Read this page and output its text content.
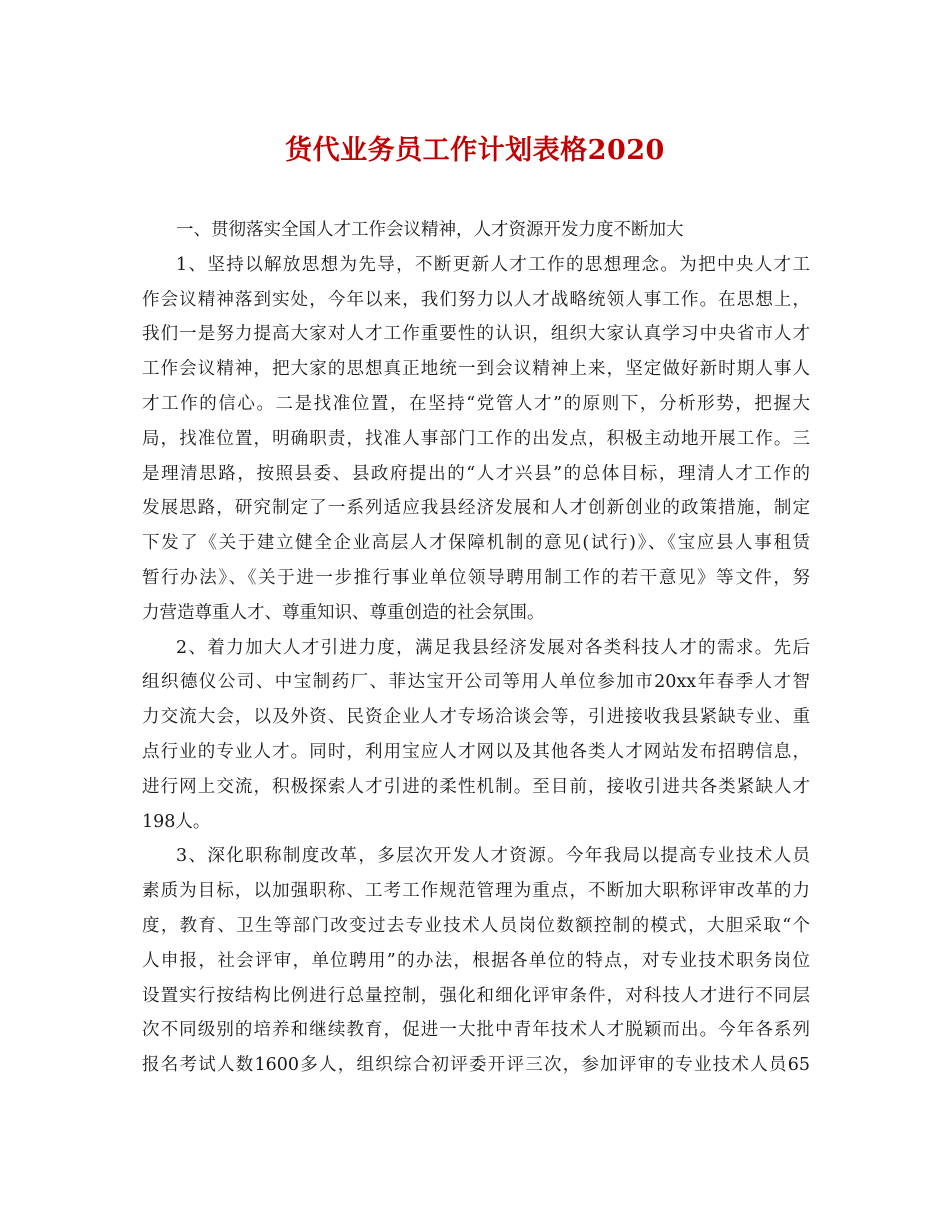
货代业务员工作计划表格2020
一、贯彻落实全国人才工作会议精神，人才资源开发力度不断加大
1、坚持以解放思想为先导，不断更新人才工作的思想理念。为把中央人才工
作会议精神落到实处，今年以来，我们努力以人才战略统领人事工作。在思想上，
我们一是努力提高大家对人才工作重要性的认识，组织大家认真学习中央省市人才
工作会议精神，把大家的思想真正地统一到会议精神上来，坚定做好新时期人事人
才工作的信心。二是找准位置，在坚持“党管人才”的原则下，分析形势，把握大
局，找准位置，明确职责，找准人事部门工作的出发点，积极主动地开展工作。三
是理清思路，按照县委、县政府提出的“人才兴县”的总体目标，理清人才工作的
发展思路，研究制定了一系列适应我县经济发展和人才创新创业的政策措施，制定
下发了《关于建立健全企业高层人才保障机制的意见(试行)》、《宝应县人事租赁
暂行办法》、《关于进一步推行事业单位领导聘用制工作的若干意见》等文件，努
力营造尊重人才、尊重知识、尊重创造的社会氛围。
2、着力加大人才引进力度，满足我县经济发展对各类科技人才的需求。先后
组织德仪公司、中宝制药厂、菲达宝开公司等用人单位参加市20xx年春季人才智
力交流大会，以及外资、民资企业人才专场洽谈会等，引进接收我县紧缺专业、重
点行业的专业人才。同时，利用宝应人才网以及其他各类人才网站发布招聘信息，
进行网上交流，积极探索人才引进的柔性机制。至目前，接收引进共各类紧缺人才
198人。
3、深化职称制度改革，多层次开发人才资源。今年我局以提高专业技术人员
素质为目标，以加强职称、工考工作规范管理为重点，不断加大职称评审改革的力
度，教育、卫生等部门改变过去专业技术人员岗位数额控制的模式，大胆采取“个
人申报，社会评审，单位聘用”的办法，根据各单位的特点，对专业技术职务岗位
设置实行按结构比例进行总量控制，强化和细化评审条件，对科技人才进行不同层
次不同级别的培养和继续教育，促进一大批中青年技术人才脱颖而出。今年各系列
报名考试人数1600多人，组织综合初评委开评三次，参加评审的专业技术人员65
